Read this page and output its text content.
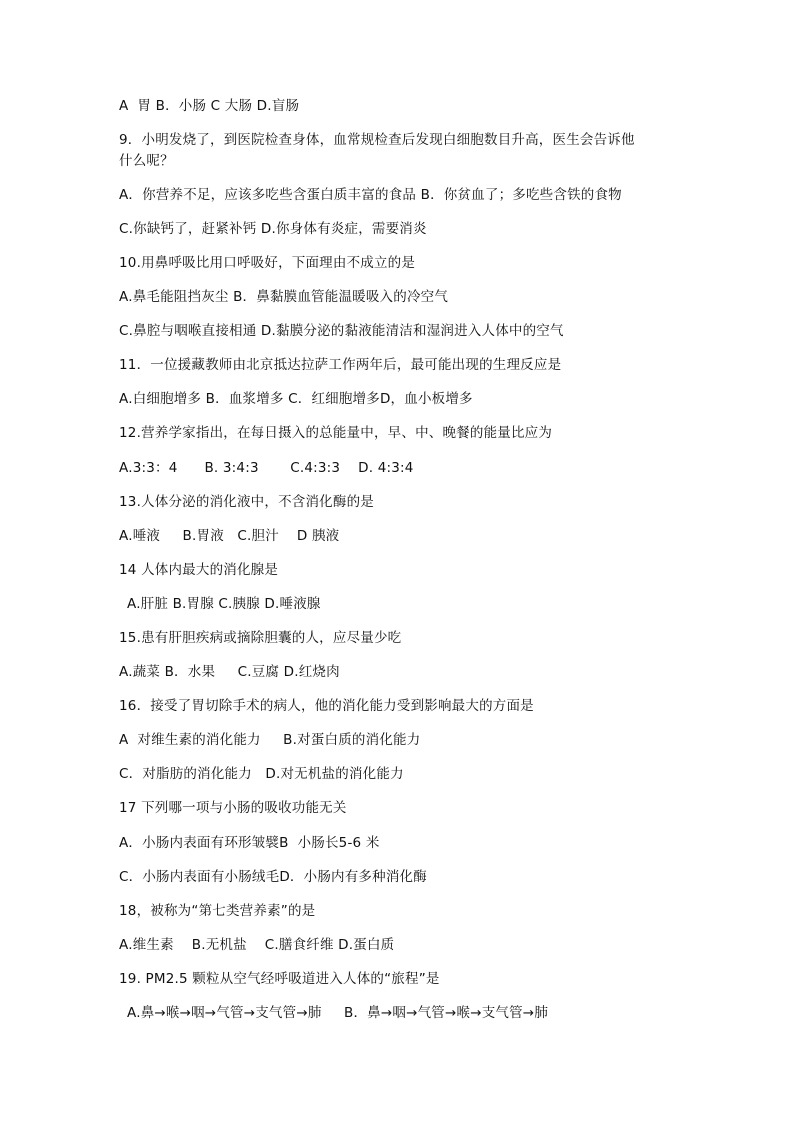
A  胃 B．小肠 C 大肠 D.盲肠
9．小明发烧了，到医院检查身体，血常规检查后发现白细胞数目升高，医生会告诉他
什么呢？
A．你营养不足，应该多吃些含蛋白质丰富的食品 B．你贫血了；多吃些含铁的食物
C.你缺钙了，赶紧补钙 D.你身体有炎症，需要消炎
10.用鼻呼吸比用口呼吸好，下面理由不成立的是
A.鼻毛能阻挡灰尘 B．鼻黏膜血管能温暖吸入的冷空气
C.鼻腔与咽喉直接相通 D.黏膜分泌的黏液能清洁和湿润进入人体中的空气
11．一位援藏教师由北京抵达拉萨工作两年后，最可能出现的生理反应是
A.白细胞增多 B．血浆增多 C．红细胞增多D，血小板增多
12.营养学家指出，在每日摄入的总能量中，早、中、晚餐的能量比应为
A.3:3：4      B. 3:4:3       C.4:3:3    D. 4:3:4
13.人体分泌的消化液中，不含消化酶的是
A.唾液     B.胃液   C.胆汁    D 胰液
14 人体内最大的消化腺是
A.肝脏 B.胃腺 C.胰腺 D.唾液腺
15.患有肝胆疾病或摘除胆囊的人，应尽量少吃
A.蔬菜 B．水果     C.豆腐 D.红烧肉
16．接受了胃切除手术的病人，他的消化能力受到影响最大的方面是
A  对维生素的消化能力     B.对蛋白质的消化能力
C．对脂肪的消化能力   D.对无机盐的消化能力
17 下列哪一项与小肠的吸收功能无关
A．小肠内表面有环形皱襞B  小肠长5-6 米
C．小肠内表面有小肠绒毛D．小肠内有多种消化酶
18，被称为“第七类营养素”的是
A.维生素    B.无机盐    C.膳食纤维 D.蛋白质
19. PM2.5 颗粒从空气经呼吸道进入人体的“旅程”是
A.鼻→喉→咽→气管→支气管→肺     B．鼻→咽→气管→喉→支气管→肺
